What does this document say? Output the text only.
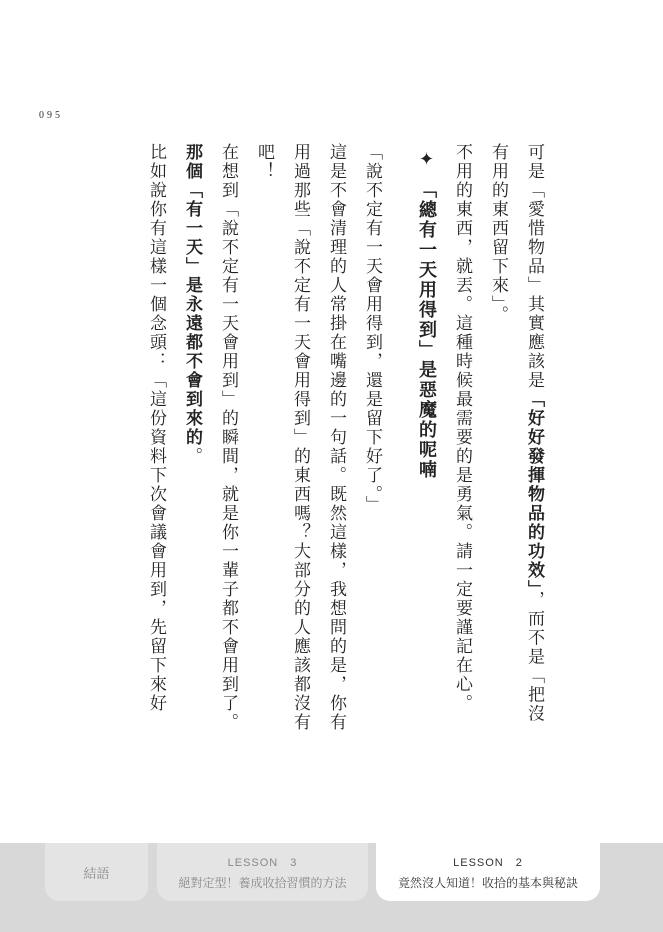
095

可是「愛惜物品」其實應該是「好好發揮物品的功效」，而不是「把沒有用的東西留下來」。

不用的東西，就丟。這種時候最需要的是勇氣。請一定要謹記在心。

✦「總有一天用得到」是惡魔的呢喃

「說不定有一天會用得到，還是留下好了。」

這是不會清理的人常掛在嘴邊的一句話。既然這樣，我想問的是，你有用過那些「說不定有一天會用得到」的東西嗎？大部分的人應該都沒有吧！

在想到「說不定有一天會用到」的瞬間，就是你一輩子都不會用到了。
那個「有一天」是永遠都不會到來的。

比如說你有這樣一個念頭：「這份資料下次會議會用到，先留下來好

結語
LESSON　3
絕對定型！養成收拾習慣的方法
LESSON　2
竟然沒人知道！收拾的基本與秘訣
